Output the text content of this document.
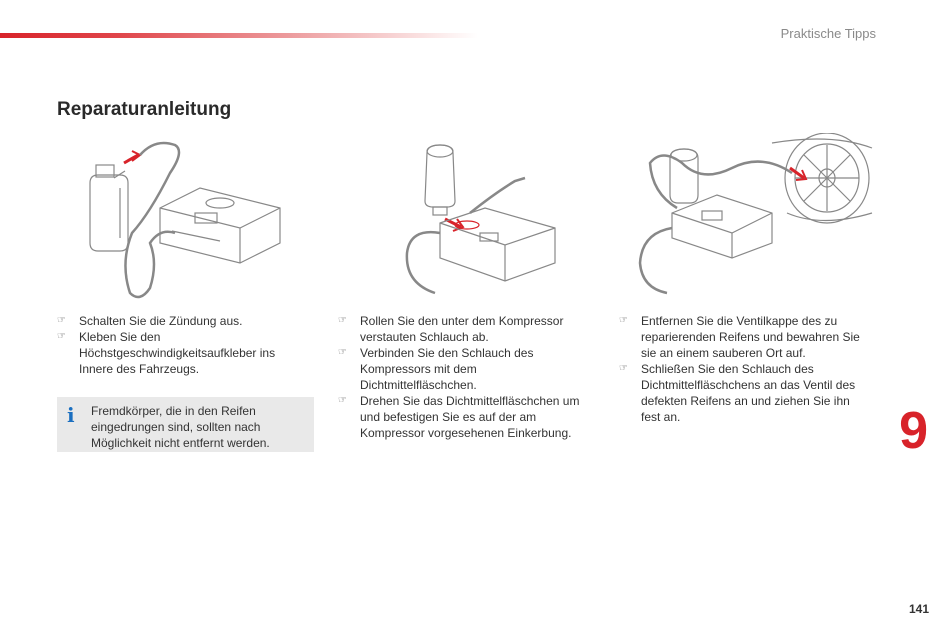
Praktische Tipps
Reparaturanleitung
☞ Schalten Sie die Zündung aus.
☞ Kleben Sie den Höchstgeschwindigkeitsaufkleber ins Innere des Fahrzeugs.
i Fremdkörper, die in den Reifen eingedrungen sind, sollten nach Möglichkeit nicht entfernt werden.
☞ Rollen Sie den unter dem Kompressor verstauten Schlauch ab.
☞ Verbinden Sie den Schlauch des Kompressors mit dem Dichtmittelfläschchen.
☞ Drehen Sie das Dichtmittelfläschchen um und befestigen Sie es auf der am Kompressor vorgesehenen Einkerbung.
☞ Entfernen Sie die Ventilkappe des zu reparierenden Reifens und bewahren Sie sie an einem sauberen Ort auf.
☞ Schließen Sie den Schlauch des Dichtmittelfläschchens an das Ventil des defekten Reifens an und ziehen Sie ihn fest an.	9
141
